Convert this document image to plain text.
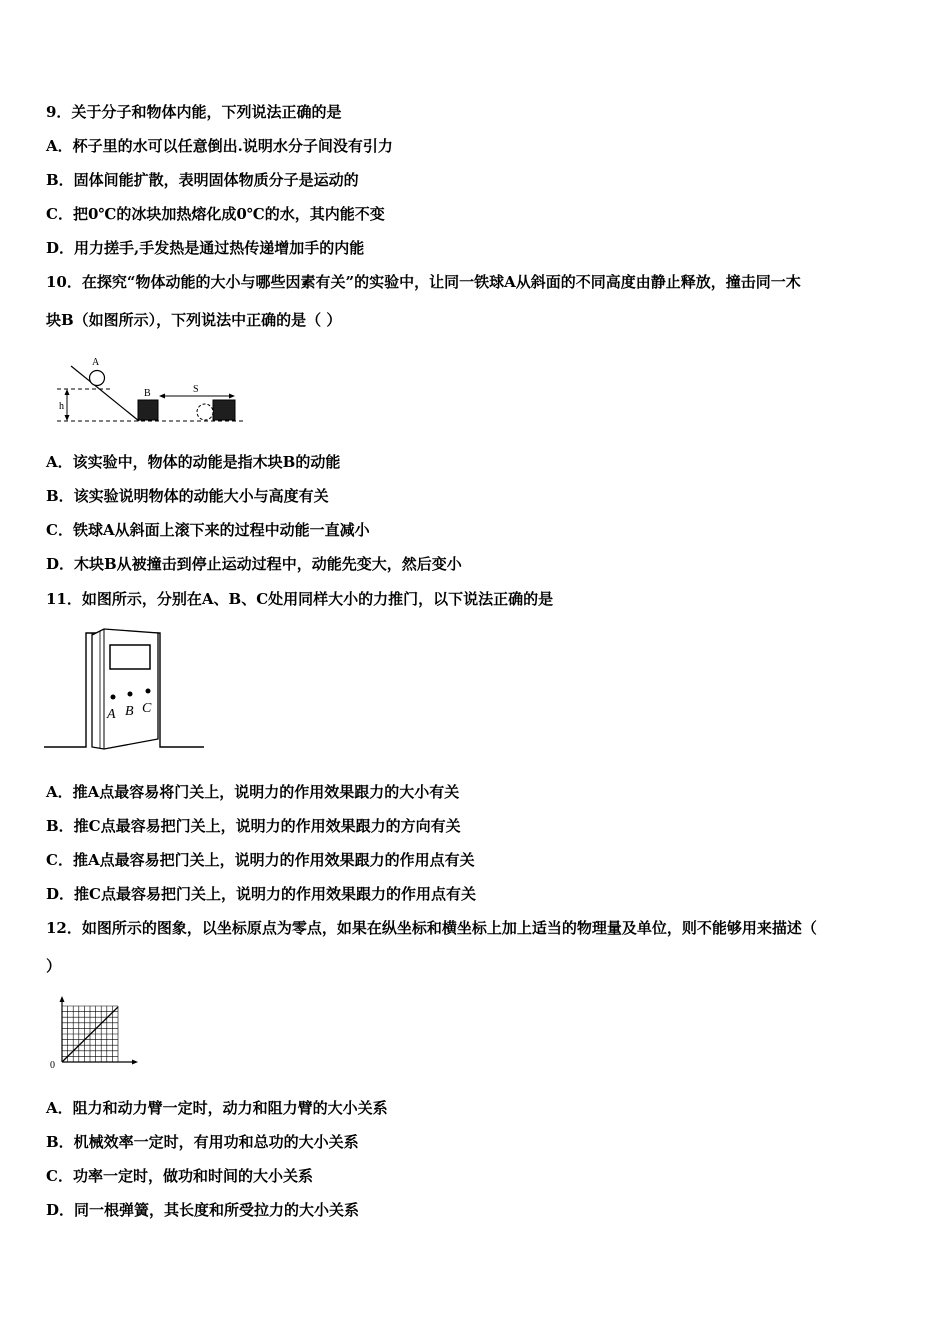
9．关于分子和物体内能，下列说法正确的是
A．杯子里的水可以任意倒出.说明水分子间没有引力
B．固体间能扩散，表明固体物质分子是运动的
C．把0℃的冰块加热熔化成0℃的水，其内能不变
D．用力搓手,手发热是通过热传递增加手的内能
10．在探究“物体动能的大小与哪些因素有关”的实验中，让同一铁球A从斜面的不同高度由静止释放，撞击同一木
块B（如图所示），下列说法中正确的是（ ）
h
A
B	S
A．该实验中，物体的动能是指木块B的动能
B．该实验说明物体的动能大小与高度有关
C．铁球A从斜面上滚下来的过程中动能一直减小
D．木块B从被撞击到停止运动过程中，动能先变大，然后变小
11．如图所示，分别在A、B、C处用同样大小的力推门，以下说法正确的是
A B C
A．推A点最容易将门关上，说明力的作用效果跟力的大小有关
B．推C点最容易把门关上，说明力的作用效果跟力的方向有关
C．推A点最容易把门关上，说明力的作用效果跟力的作用点有关
D．推C点最容易把门关上，说明力的作用效果跟力的作用点有关
12．如图所示的图象，以坐标原点为零点，如果在纵坐标和横坐标上加上适当的物理量及单位，则不能够用来描述（
）
0
A．阻力和动力臂一定时，动力和阻力臂的大小关系
B．机械效率一定时，有用功和总功的大小关系
C．功率一定时，做功和时间的大小关系
D．同一根弹簧，其长度和所受拉力的大小关系
